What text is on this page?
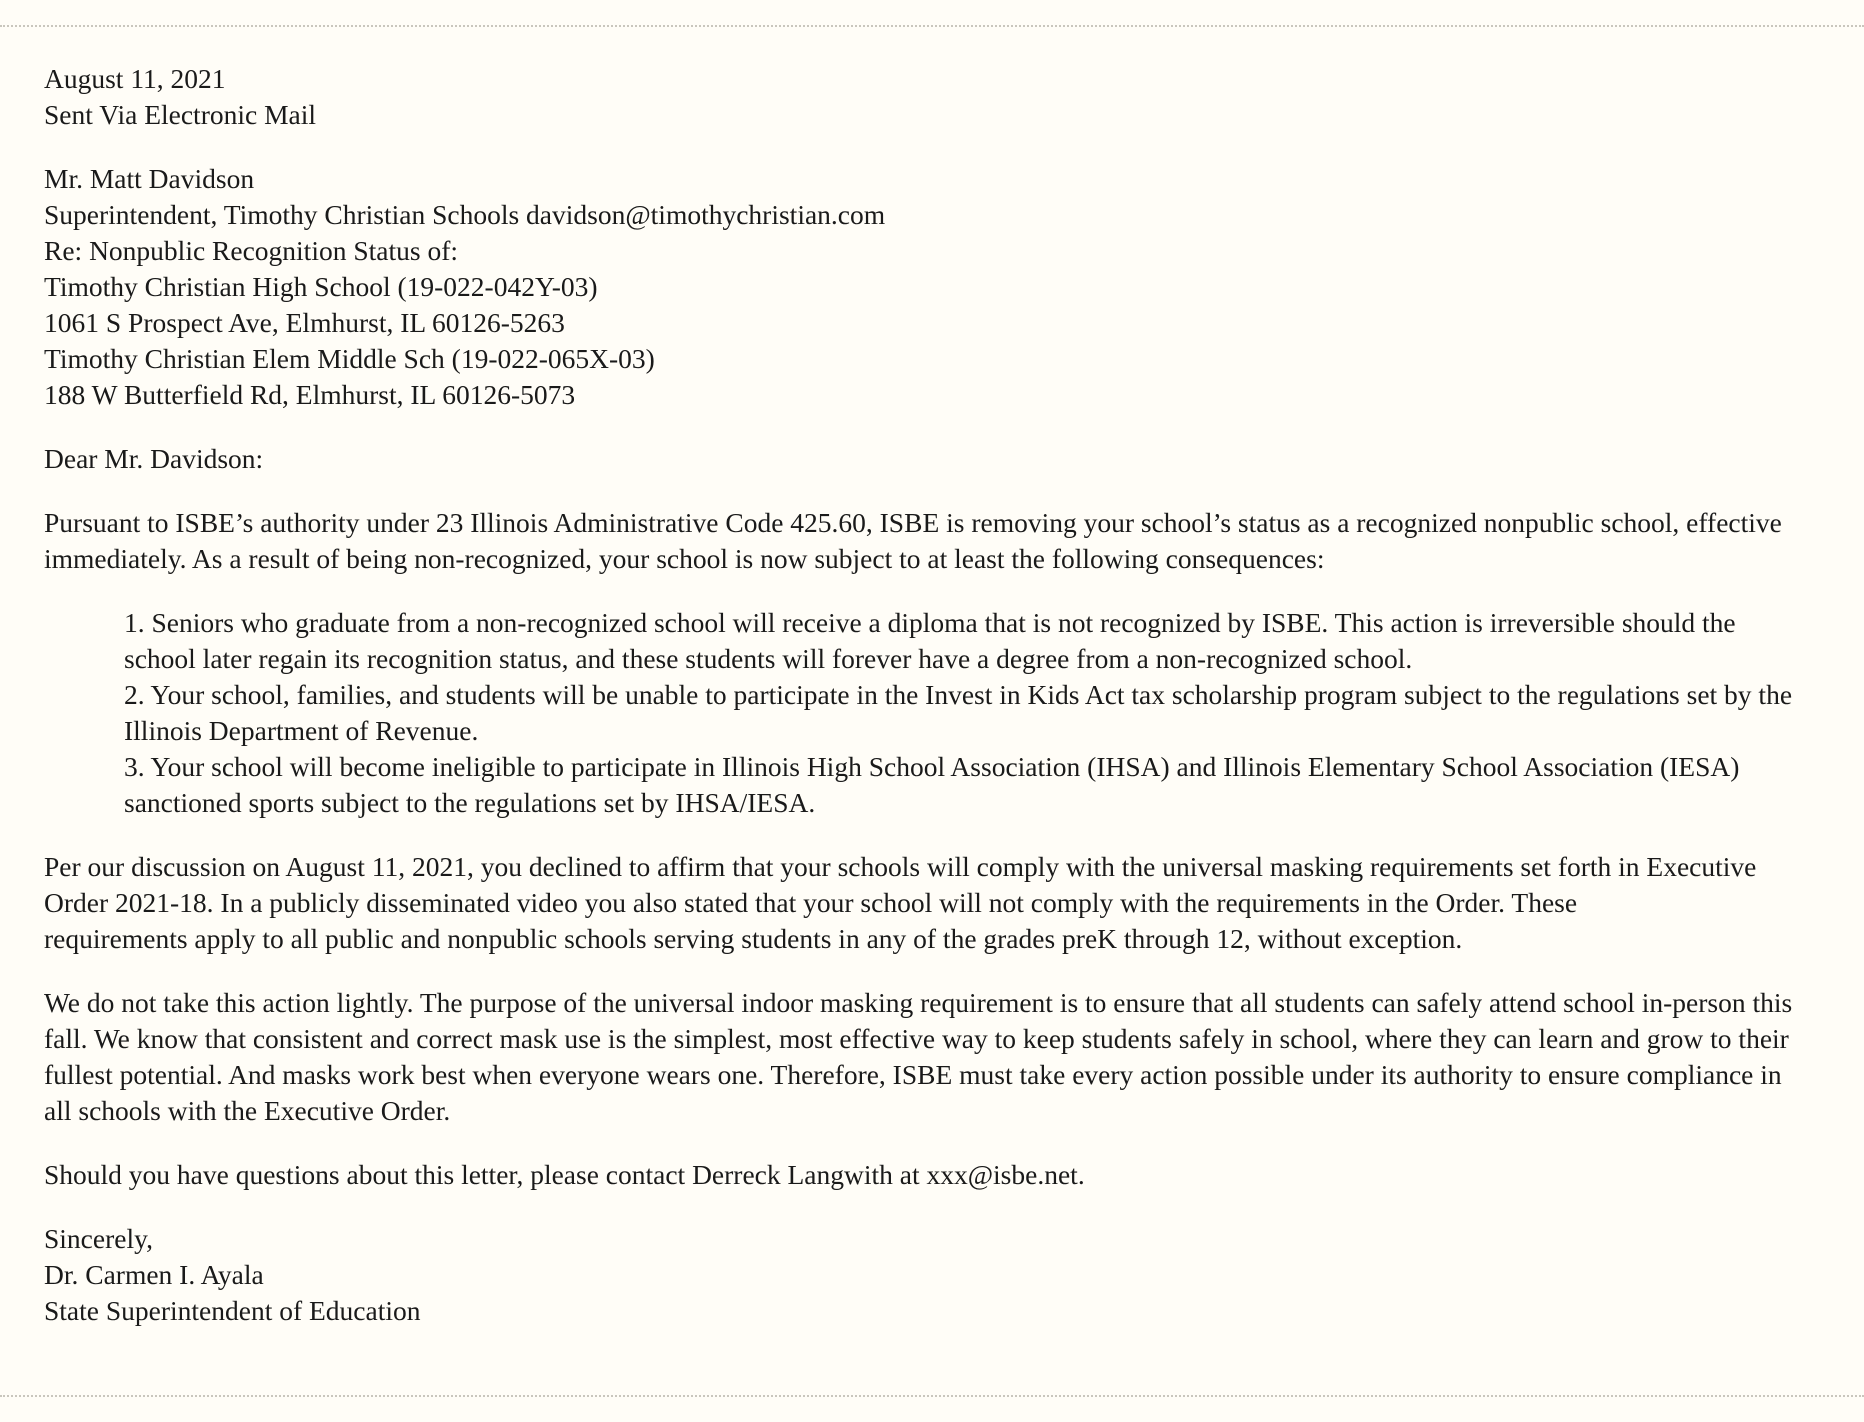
August 11, 2021
Sent Via Electronic Mail
Mr. Matt Davidson
Superintendent, Timothy Christian Schools davidson@timothychristian.com
Re: Nonpublic Recognition Status of:
Timothy Christian High School (19-022-042Y-03)
1061 S Prospect Ave, Elmhurst, IL 60126-5263
Timothy Christian Elem Middle Sch (19-022-065X-03)
188 W Butterfield Rd, Elmhurst, IL 60126-5073

Dear Mr. Davidson:

Pursuant to ISBE’s authority under 23 Illinois Administrative Code 425.60, ISBE is removing your school’s status as a recognized nonpublic school, effective immediately. As a result of being non-recognized, your school is now subject to at least the following consequences:

1. Seniors who graduate from a non-recognized school will receive a diploma that is not recognized by ISBE. This action is irreversible should the school later regain its recognition status, and these students will forever have a degree from a non-recognized school.
2. Your school, families, and students will be unable to participate in the Invest in Kids Act tax scholarship program subject to the regulations set by the Illinois Department of Revenue.
3. Your school will become ineligible to participate in Illinois High School Association (IHSA) and Illinois Elementary School Association (IESA) sanctioned sports subject to the regulations set by IHSA/IESA.
Per our discussion on August 11, 2021, you declined to affirm that your schools will comply with the universal masking requirements set forth in Executive Order 2021-18. In a publicly disseminated video you also stated that your school will not comply with the requirements in the Order. These
requirements apply to all public and nonpublic schools serving students in any of the grades preK through 12, without exception.

We do not take this action lightly. The purpose of the universal indoor masking requirement is to ensure that all students can safely attend school in-person this fall. We know that consistent and correct mask use is the simplest, most effective way to keep students safely in school, where they can learn and grow to their fullest potential. And masks work best when everyone wears one. Therefore, ISBE must take every action possible under its authority to ensure compliance in all schools with the Executive Order.

Should you have questions about this letter, please contact Derreck Langwith at xxx@isbe.net.

Sincerely,
Dr. Carmen I. Ayala
State Superintendent of Education
